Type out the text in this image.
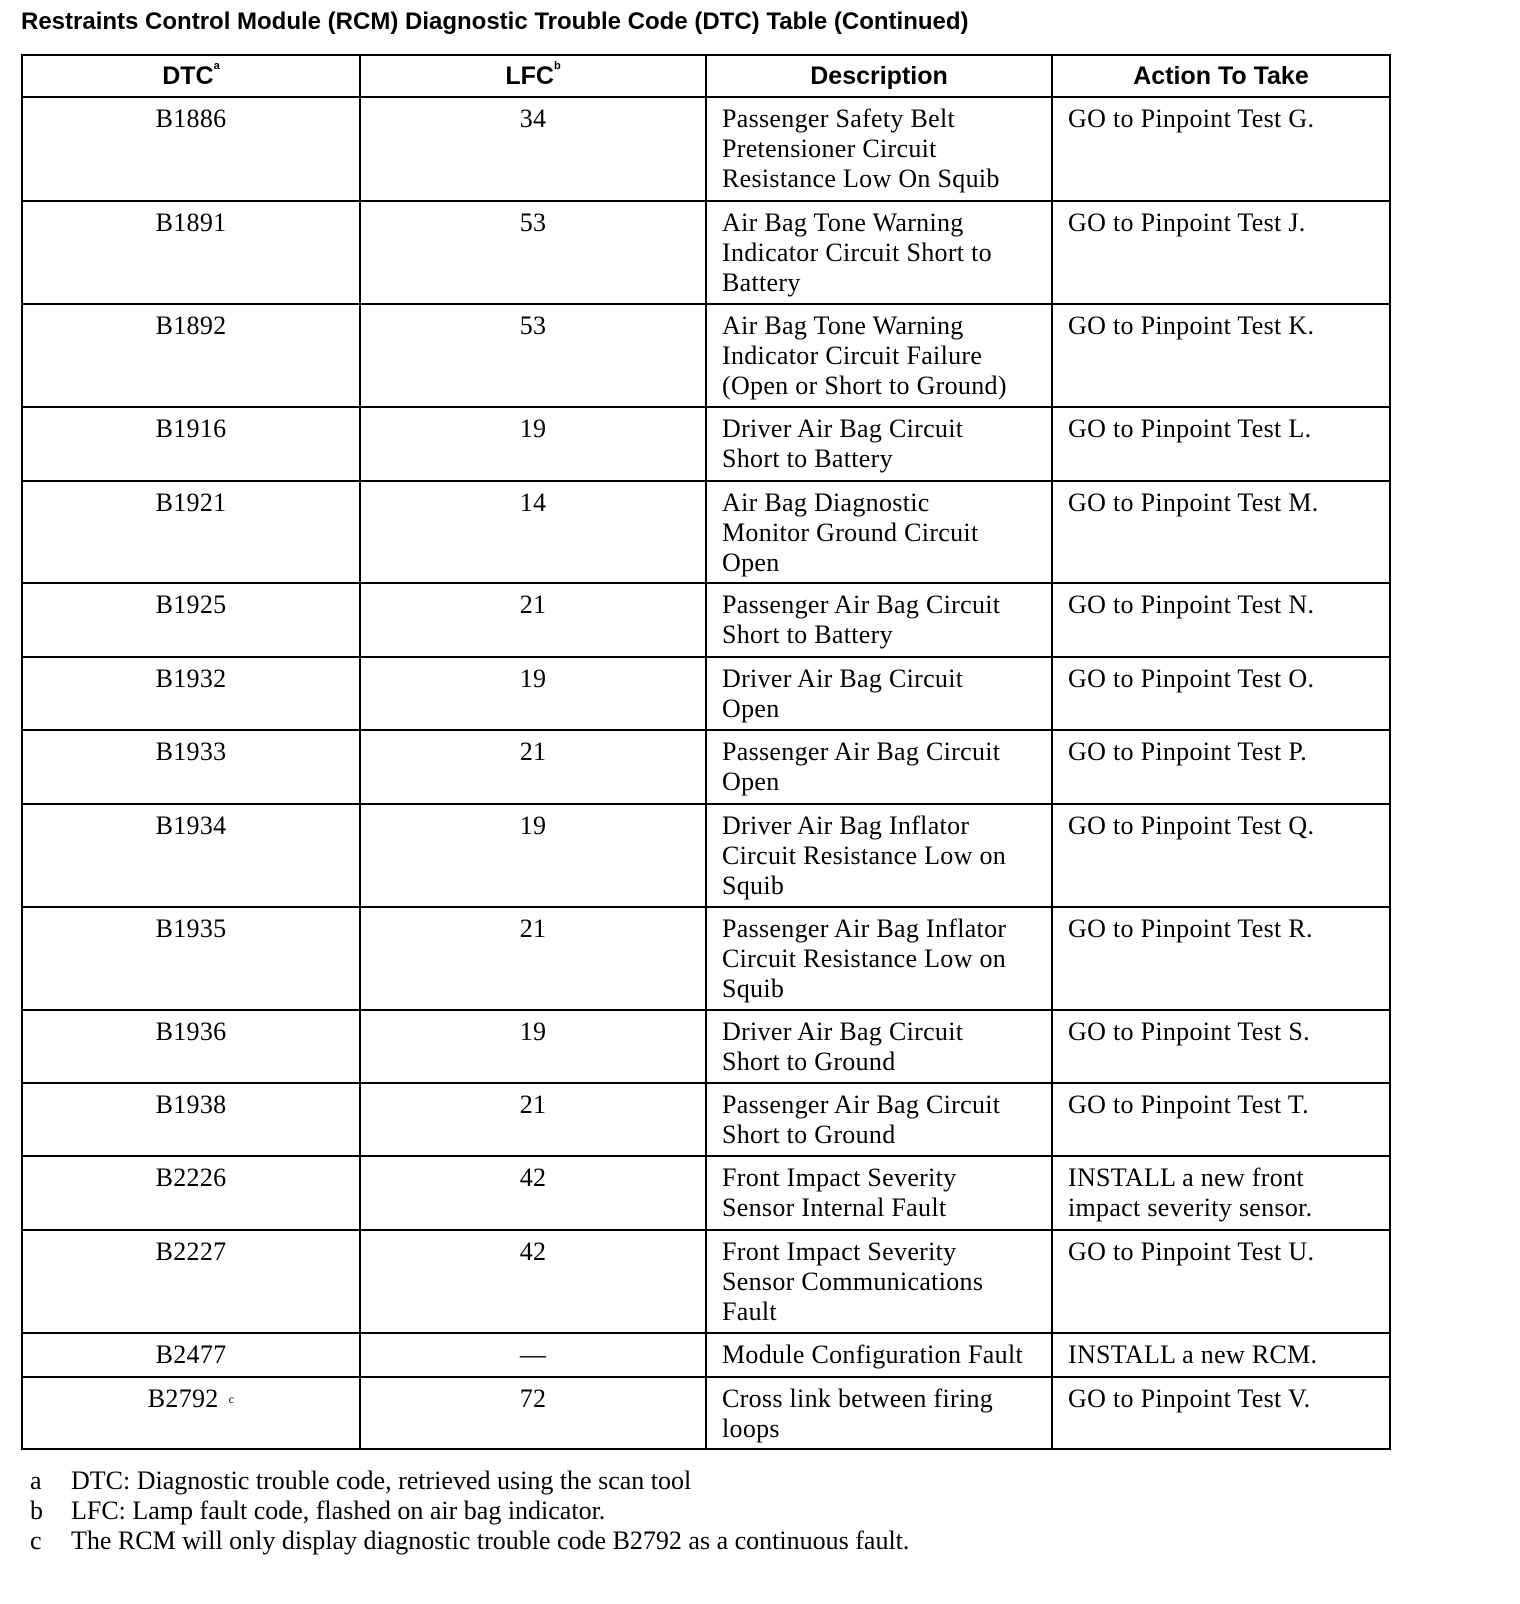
Restraints Control Module (RCM) Diagnostic Trouble Code (DTC) Table (Continued)
DTC$^a$	LFC$^b$	Description	Action To Take
B1886	34	Passenger Safety Belt
Pretensioner Circuit
Resistance Low On Squib	GO to Pinpoint Test G.
B1891	53	Air Bag Tone Warning
Indicator Circuit Short to
Battery	GO to Pinpoint Test J.
B1892	53	Air Bag Tone Warning
Indicator Circuit Failure
(Open or Short to Ground)	GO to Pinpoint Test K.
B1916	19	Driver Air Bag Circuit
Short to Battery	GO to Pinpoint Test L.
B1921	14	Air Bag Diagnostic
Monitor Ground Circuit
Open	GO to Pinpoint Test M.
B1925	21	Passenger Air Bag Circuit
Short to Battery	GO to Pinpoint Test N.
B1932	19	Driver Air Bag Circuit
Open	GO to Pinpoint Test O.
B1933	21	Passenger Air Bag Circuit
Open	GO to Pinpoint Test P.
B1934	19	Driver Air Bag Inflator
Circuit Resistance Low on
Squib	GO to Pinpoint Test Q.
B1935	21	Passenger Air Bag Inflator
Circuit Resistance Low on
Squib	GO to Pinpoint Test R.
B1936	19	Driver Air Bag Circuit
Short to Ground	GO to Pinpoint Test S.
B1938	21	Passenger Air Bag Circuit
Short to Ground	GO to Pinpoint Test T.
B2226	42	Front Impact Severity
Sensor Internal Fault	INSTALL a new front
impact severity sensor.
B2227	42	Front Impact Severity
Sensor Communications
Fault	GO to Pinpoint Test U.
B2477	—	Module Configuration Fault	INSTALL a new RCM.
B2792 $^c$	72	Cross link between firing
loops	GO to Pinpoint Test V.
a DTC: Diagnostic trouble code, retrieved using the scan tool
b LFC: Lamp fault code, flashed on air bag indicator.
c The RCM will only display diagnostic trouble code B2792 as a continuous fault.
